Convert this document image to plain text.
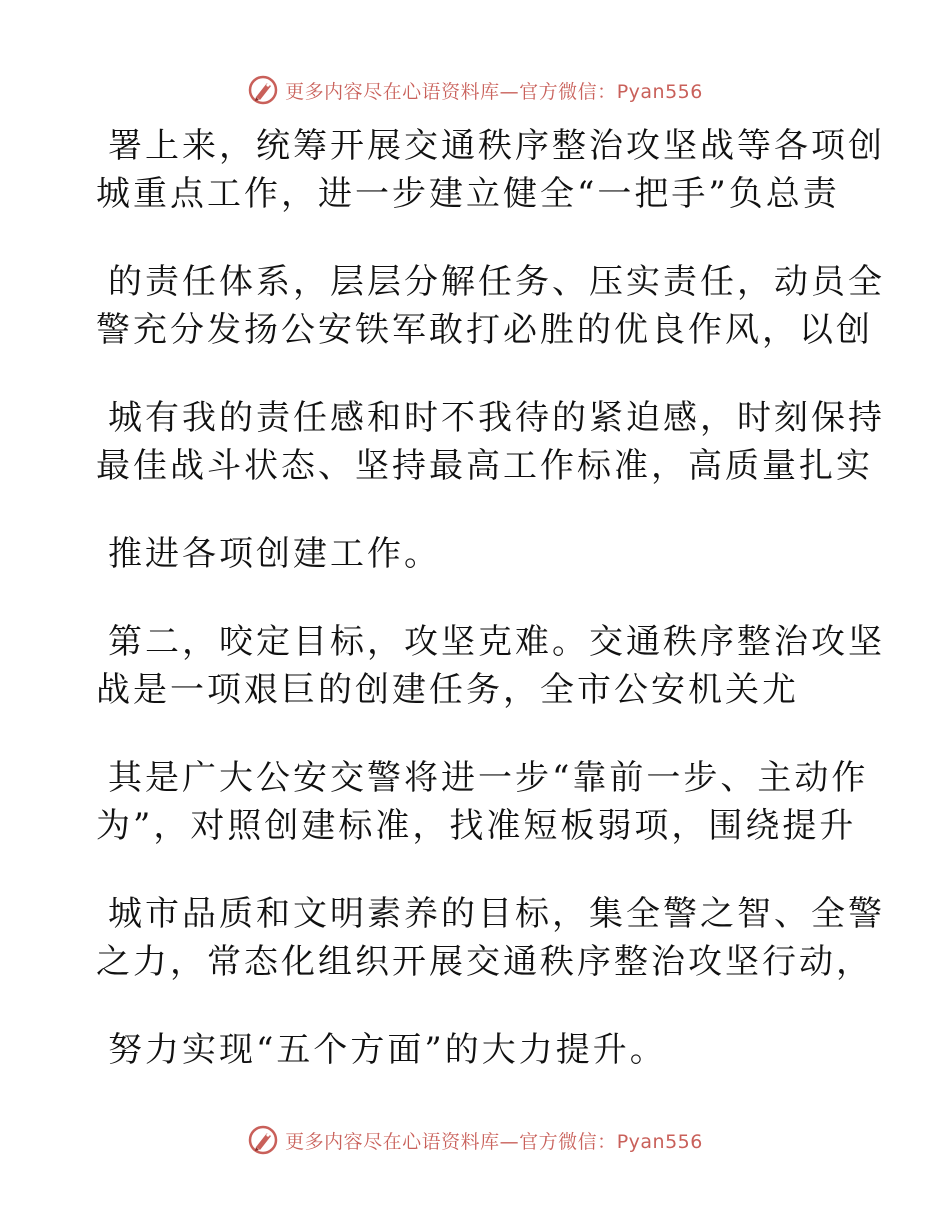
更多内容尽在心语资料库—官方微信：Pyan556
署上来，统筹开展交通秩序整治攻坚战等各项创
城重点工作，进一步建立健全“一把手”负总责
的责任体系，层层分解任务、压实责任，动员全
警充分发扬公安铁军敢打必胜的优良作风，以创
城有我的责任感和时不我待的紧迫感，时刻保持
最佳战斗状态、坚持最高工作标准，高质量扎实
推进各项创建工作。
第二，咬定目标，攻坚克难。交通秩序整治攻坚
战是一项艰巨的创建任务，全市公安机关尤
其是广大公安交警将进一步“靠前一步、主动作
为”，对照创建标准，找准短板弱项，围绕提升
城市品质和文明素养的目标，集全警之智、全警
之力，常态化组织开展交通秩序整治攻坚行动，
努力实现“五个方面”的大力提升。
更多内容尽在心语资料库—官方微信：Pyan556
